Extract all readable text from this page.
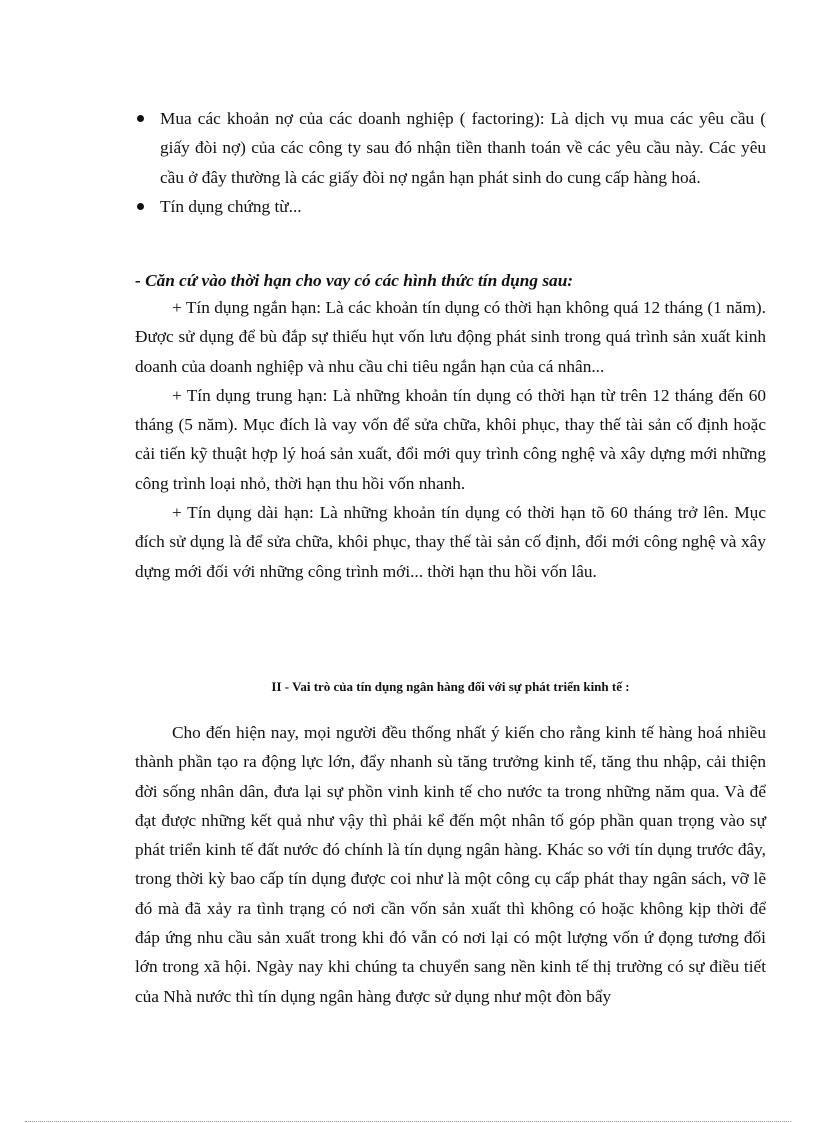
Mua các khoản nợ của các doanh nghiệp ( factoring): Là dịch vụ mua các yêu cầu ( giấy đòi nợ) của các công ty sau đó nhận tiền thanh toán về các yêu cầu này. Các yêu cầu ở đây thường là các giấy đòi nợ ngắn hạn phát sinh do cung cấp hàng hoá.
Tín dụng chứng từ...
- Căn cứ vào thời hạn cho vay có các hình thức tín dụng sau:

+ Tín dụng ngắn hạn: Là các khoản tín dụng có thời hạn không quá 12 tháng (1 năm). Được sử dụng để bù đắp sự thiếu hụt vốn lưu động phát sinh trong quá trình sản xuất kinh doanh của doanh nghiệp và nhu cầu chi tiêu ngắn hạn của cá nhân...

+ Tín dụng trung hạn: Là những khoản tín dụng có thời hạn từ trên 12 tháng đến 60 tháng (5 năm). Mục đích là vay vốn để sửa chữa, khôi phục, thay thế tài sản cố định hoặc cải tiến kỹ thuật hợp lý hoá sản xuất, đổi mới quy trình công nghệ và xây dựng mới những công trình loại nhỏ, thời hạn thu hồi vốn nhanh.

+ Tín dụng dài hạn: Là những khoản tín dụng có thời hạn tõ 60 tháng trở lên. Mục đích sử dụng là để sửa chữa, khôi phục, thay thế tài sản cố định, đổi mới công nghệ và xây dựng mới đối với những công trình mới... thời hạn thu hồi vốn lâu.

II - Vai trò của tín dụng ngân hàng đối với sự phát triển kinh tế :

Cho đến hiện nay, mọi người đều thống nhất ý kiến cho rằng kinh tế hàng hoá nhiều thành phần tạo ra động lực lớn, đẩy nhanh sù tăng trưởng kinh tế, tăng thu nhập, cải thiện đời sống nhân dân, đưa lại sự phồn vinh kinh tế cho nước ta trong những năm qua. Và để đạt được những kết quả như vậy thì phải kể đến một nhân tố góp phần quan trọng vào sự phát triển kinh tế đất nước đó chính là tín dụng ngân hàng. Khác so với tín dụng trước đây, trong thời kỳ bao cấp tín dụng được coi như là một công cụ cấp phát thay ngân sách, vỡ lẽ đó mà đã xảy ra tình trạng có nơi cần vốn sản xuất thì không có hoặc không kịp thời để đáp ứng nhu cầu sản xuất trong khi đó vẫn có nơi lại có một lượng vốn ứ đọng tương đối lớn trong xã hội. Ngày nay khi chúng ta chuyển sang nền kinh tế thị trường có sự điều tiết của Nhà nước thì tín dụng ngân hàng được sử dụng như một đòn bẩy
